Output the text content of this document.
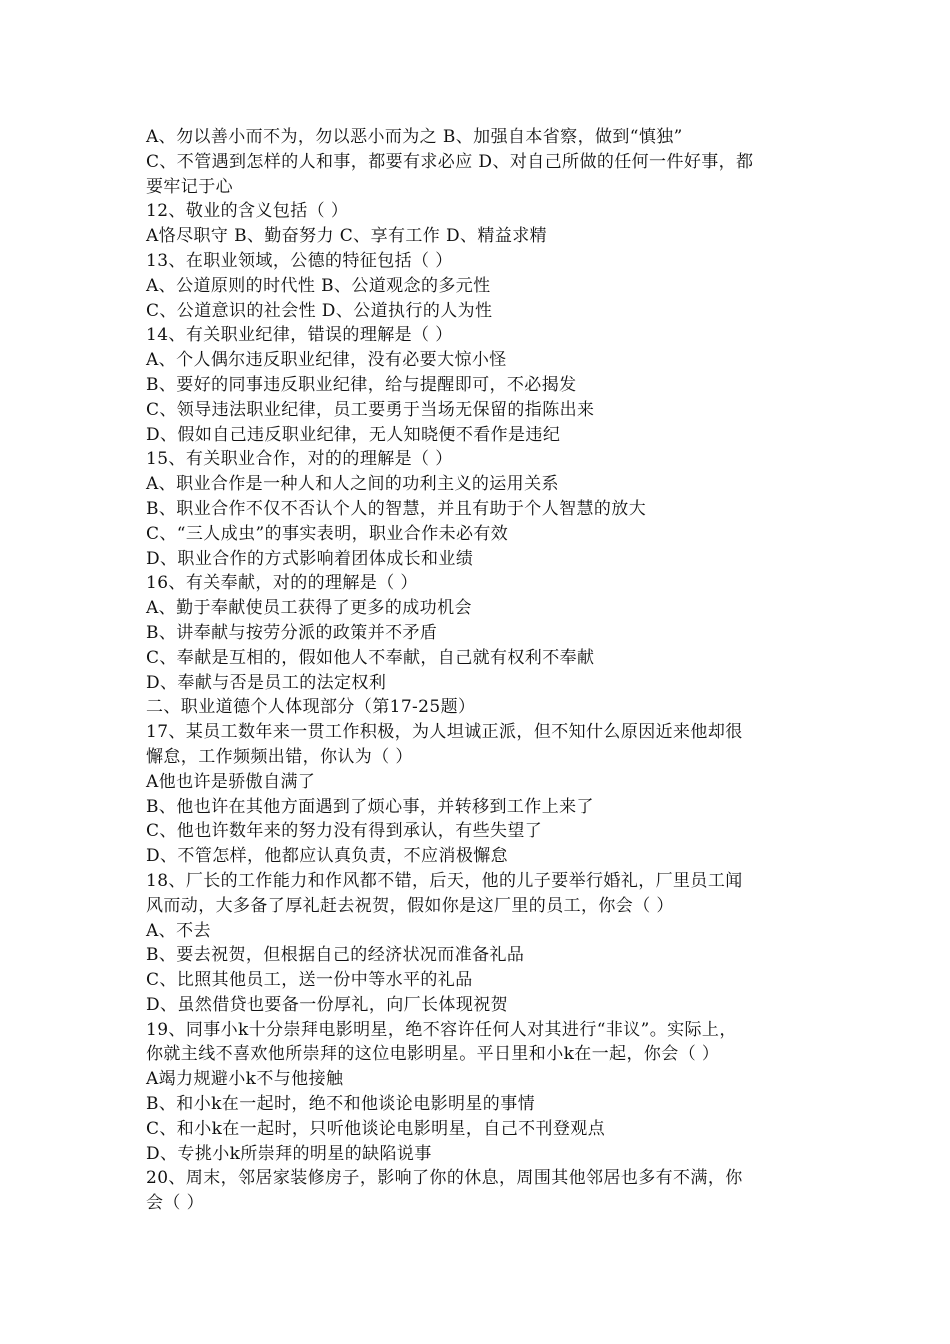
A、勿以善小而不为，勿以恶小而为之 B、加强自本省察，做到“慎独”
C、不管遇到怎样的人和事，都要有求必应 D、对自己所做的任何一件好事，都
要牢记于心
12、敬业的含义包括（ ）
A恪尽职守 B、勤奋努力 C、享有工作 D、精益求精
13、在职业领域，公德的特征包括（ ）
A、公道原则的时代性 B、公道观念的多元性
C、公道意识的社会性 D、公道执行的人为性
14、有关职业纪律，错误的理解是（ ）
A、个人偶尔违反职业纪律，没有必要大惊小怪
B、要好的同事违反职业纪律，给与提醒即可，不必揭发
C、领导违法职业纪律，员工要勇于当场无保留的指陈出来
D、假如自己违反职业纪律，无人知晓便不看作是违纪
15、有关职业合作，对的的理解是（ ）
A、职业合作是一种人和人之间的功利主义的运用关系
B、职业合作不仅不否认个人的智慧，并且有助于个人智慧的放大
C、“三人成虫”的事实表明，职业合作未必有效
D、职业合作的方式影响着团体成长和业绩
16、有关奉献，对的的理解是（ ）
A、勤于奉献使员工获得了更多的成功机会
B、讲奉献与按劳分派的政策并不矛盾
C、奉献是互相的，假如他人不奉献，自己就有权利不奉献
D、奉献与否是员工的法定权利
二、职业道德个人体现部分（第17-25题）
17、某员工数年来一贯工作积极，为人坦诚正派，但不知什么原因近来他却很
懈怠，工作频频出错，你认为（ ）
A他也许是骄傲自满了
B、他也许在其他方面遇到了烦心事，并转移到工作上来了
C、他也许数年来的努力没有得到承认，有些失望了
D、不管怎样，他都应认真负责，不应消极懈怠
18、厂长的工作能力和作风都不错，后天，他的儿子要举行婚礼，厂里员工闻
风而动，大多备了厚礼赶去祝贺，假如你是这厂里的员工，你会（ ）
A、不去
B、要去祝贺，但根据自己的经济状况而准备礼品
C、比照其他员工，送一份中等水平的礼品
D、虽然借贷也要备一份厚礼，向厂长体现祝贺
19、同事小k十分崇拜电影明星，绝不容许任何人对其进行“非议”。实际上，
你就主线不喜欢他所崇拜的这位电影明星。平日里和小k在一起，你会（ ）
A竭力规避小k不与他接触
B、和小k在一起时，绝不和他谈论电影明星的事情
C、和小k在一起时，只听他谈论电影明星，自己不刊登观点
D、专挑小k所崇拜的明星的缺陷说事
20、周末，邻居家装修房子，影响了你的休息，周围其他邻居也多有不满，你
会（ ）
